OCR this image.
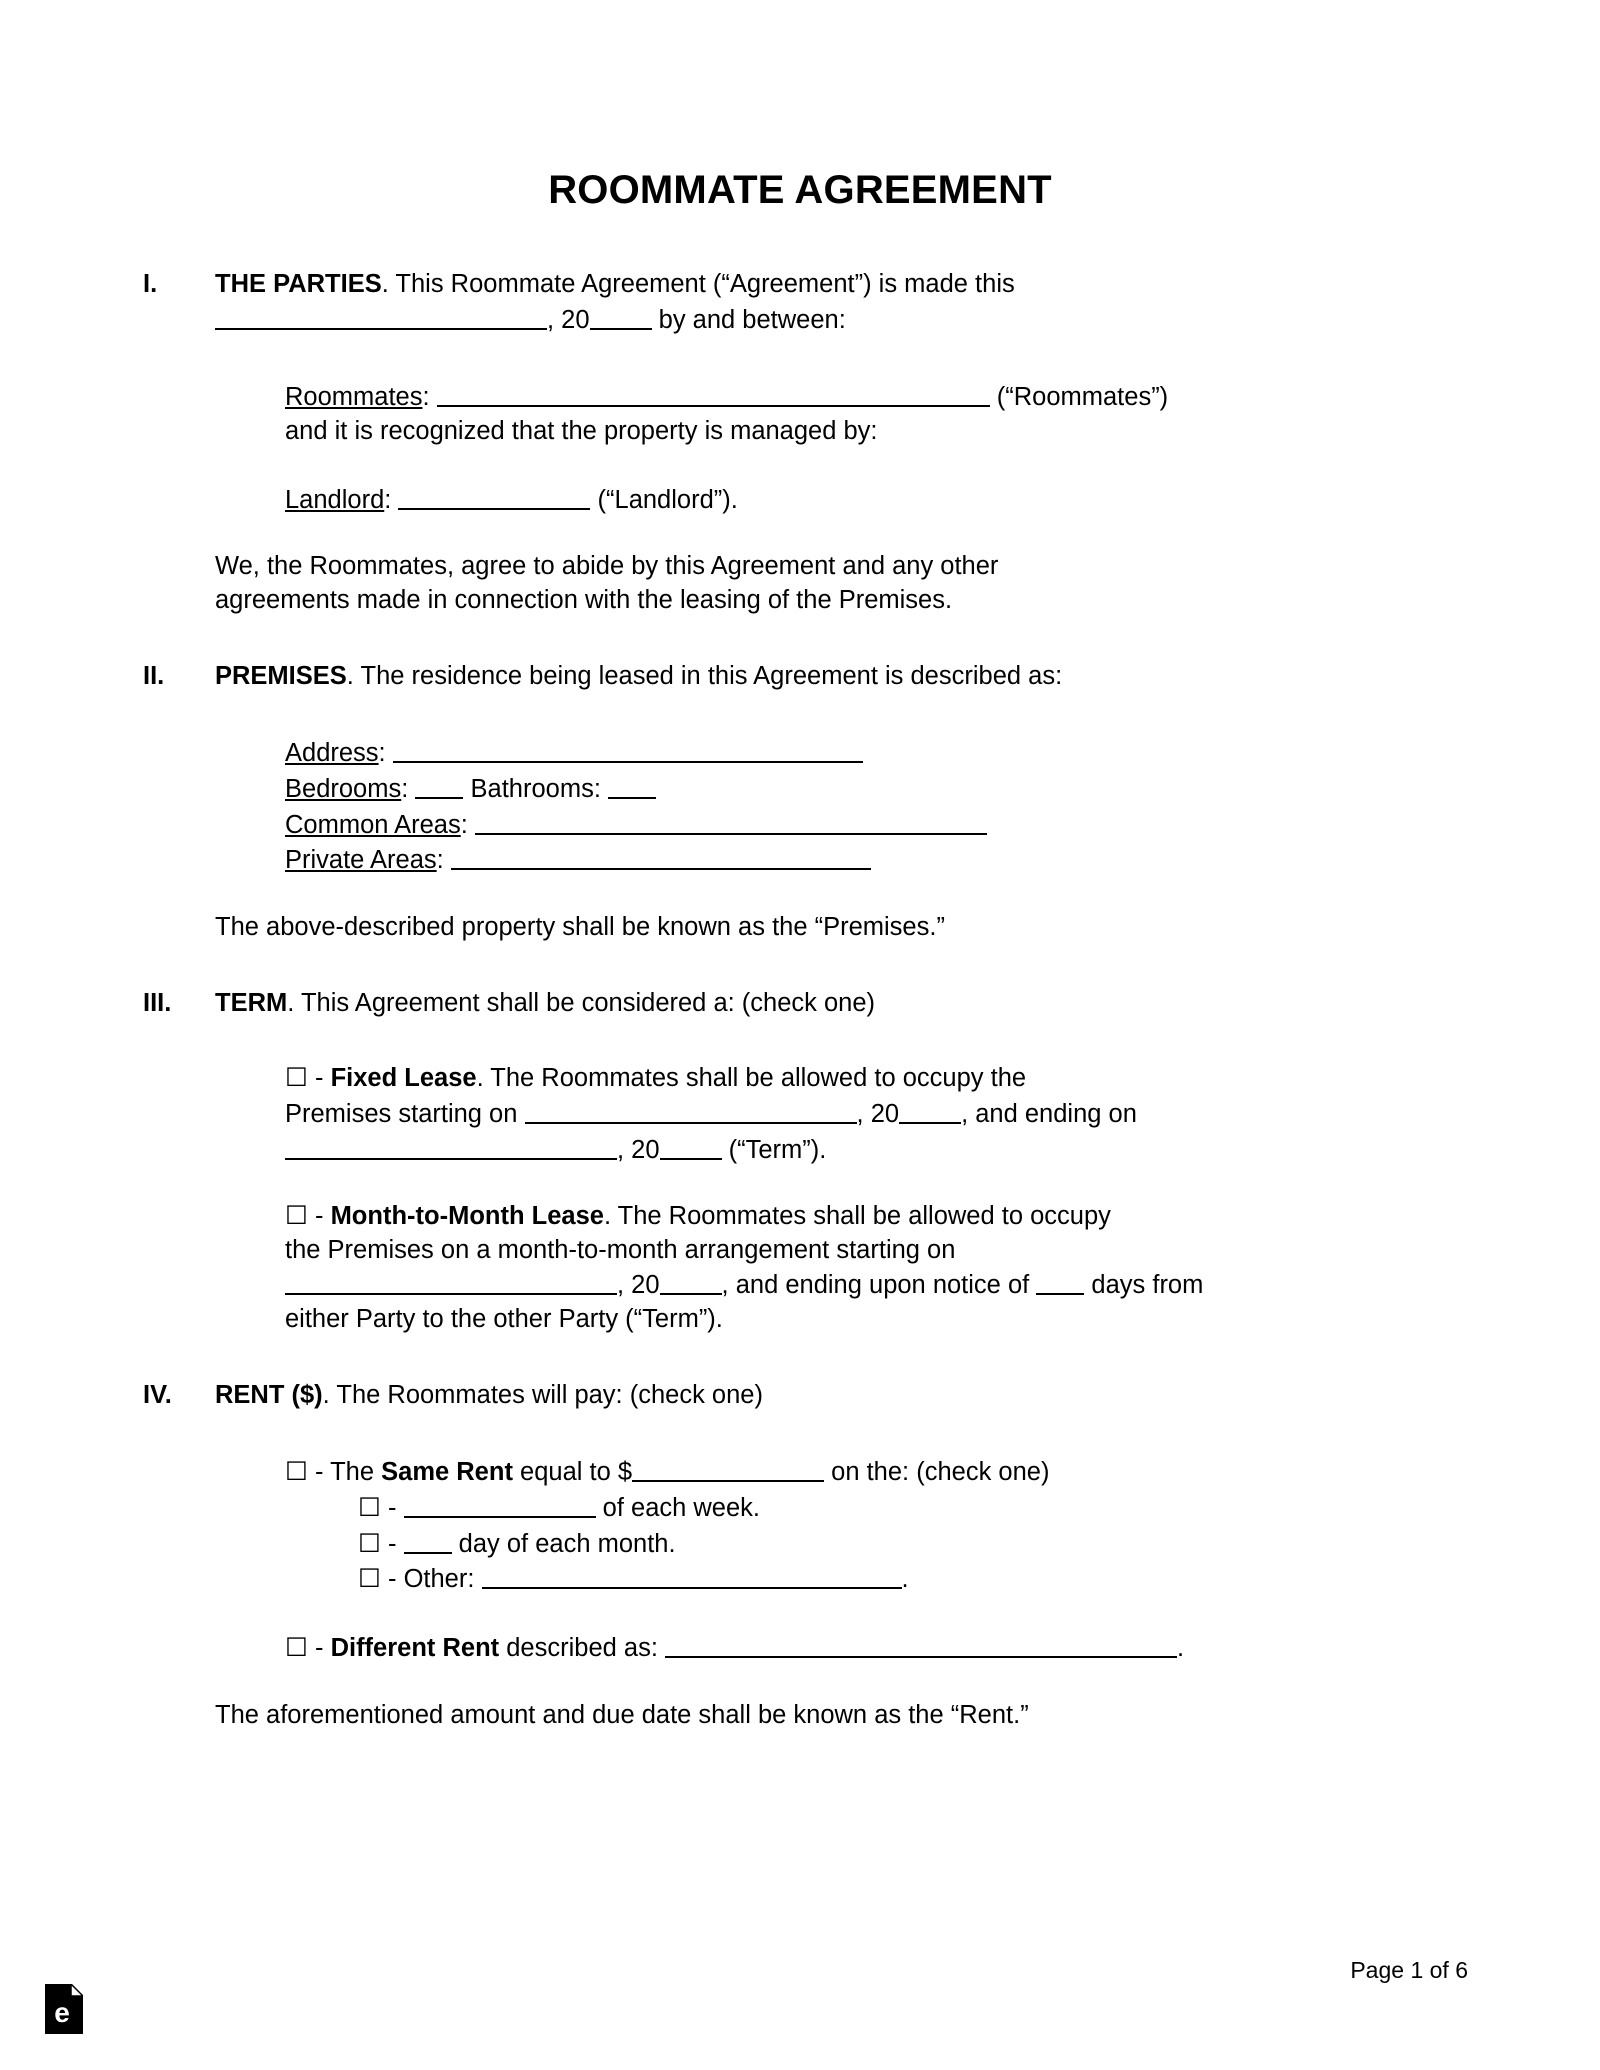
ROOMMATE AGREEMENT
I.	THE PARTIES. This Roommate Agreement (“Agreement”) is made this
, 20 by and between:
Roommates:	(“Roommates”)
and it is recognized that the property is managed by:
Landlord:	(“Landlord”).
We, the Roommates, agree to abide by this Agreement and any other
agreements made in connection with the leasing of the Premises.
II.	PREMISES. The residence being leased in this Agreement is described as:
Address:
Bedrooms: Bathrooms:
Common Areas:
Private Areas:
The above-described property shall be known as the “Premises.”
III.	TERM. This Agreement shall be considered a: (check one)
☐ - Fixed Lease. The Roommates shall be allowed to occupy the
Premises starting on	, 20 , and ending on
, 20	(“Term”).
☐ - Month-to-Month Lease. The Roommates shall be allowed to occupy
the Premises on a month-to-month arrangement starting on
, 20 , and ending upon notice of days from
either Party to the other Party (“Term”).
IV.	RENT ($). The Roommates will pay: (check one)
☐ - The Same Rent equal to $	on the: (check one)
☐ -	of each week.
☐ - day of each month.
☐ - Other:	.
☐ - Different Rent described as:	.
The aforementioned amount and due date shall be known as the “Rent.”
e
Page 1 of 6
